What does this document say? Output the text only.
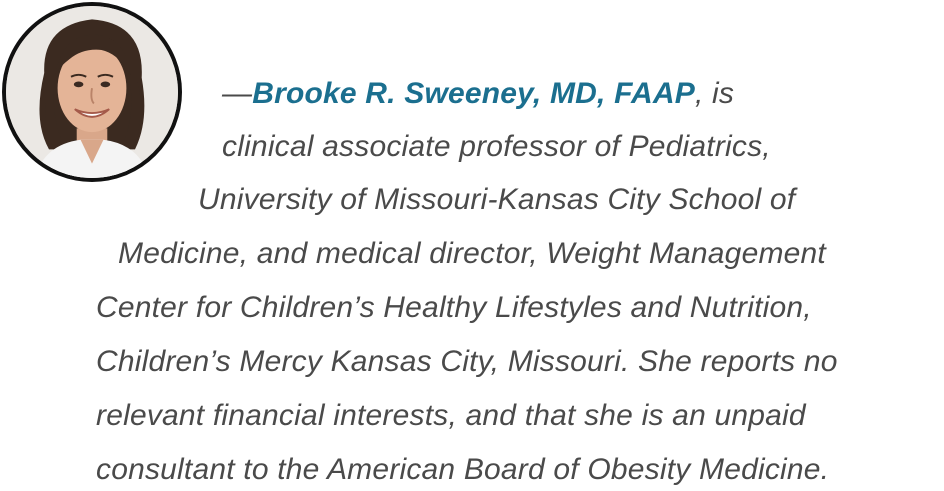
—Brooke R. Sweeney, MD, FAAP, is
clinical associate professor of Pediatrics,
University of Missouri-Kansas City School of
Medicine, and medical director, Weight Management
Center for Children’s Healthy Lifestyles and Nutrition,
Children’s Mercy Kansas City, Missouri. She reports no
relevant financial interests, and that she is an unpaid
consultant to the American Board of Obesity Medicine.
